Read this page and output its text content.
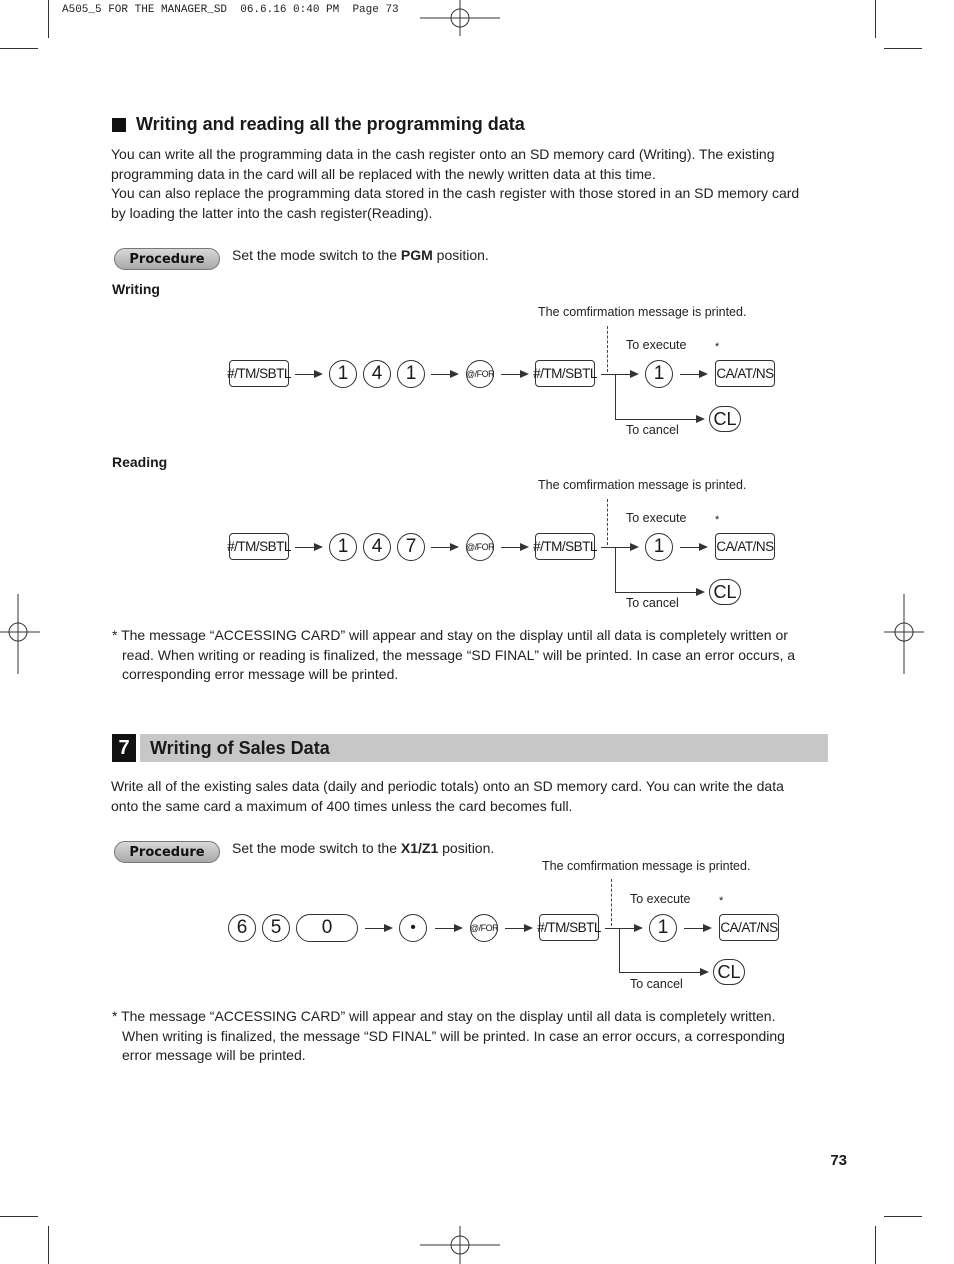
A505_5 FOR THE MANAGER_SD  06.6.16 0:40 PM  Page 73
Writing and reading all the programming data
You can write all the programming data in the cash register onto an SD memory card (Writing). The existing
programming data in the card will all be replaced with the newly written data at this time.
You can also replace the programming data stored in the cash register with those stored in an SD memory card
by loading the latter into the cash register(Reading).
Procedure	Set the mode switch to the PGM position.
Writing
The comfirmation message is printed.
To execute	*
#/TM/SBTL	1	4	1	@/FOR	#/TM/SBTL	1	CA/AT/NS
CL
To cancel
Reading
The comfirmation message is printed.
To execute	*
#/TM/SBTL	1	4	7	@/FOR	#/TM/SBTL	1	CA/AT/NS
CL
To cancel
* The message “ACCESSING CARD” will appear and stay on the display until all data is completely written or
read. When writing or reading is finalized, the message “SD FINAL” will be printed. In case an error occurs, a
corresponding error message will be printed.
7	Writing of Sales Data
Write all of the existing sales data (daily and periodic totals) onto an SD memory card. You can write the data
onto the same card a maximum of 400 times unless the card becomes full.
Procedure	Set the mode switch to the X1/Z1 position.
The comfirmation message is printed.
To execute	*
6	5	0	•	@/FOR	#/TM/SBTL	1	CA/AT/NS
CL
To cancel
* The message “ACCESSING CARD” will appear and stay on the display until all data is completely written.
When writing is finalized, the message “SD FINAL” will be printed. In case an error occurs, a corresponding
error message will be printed.
73
